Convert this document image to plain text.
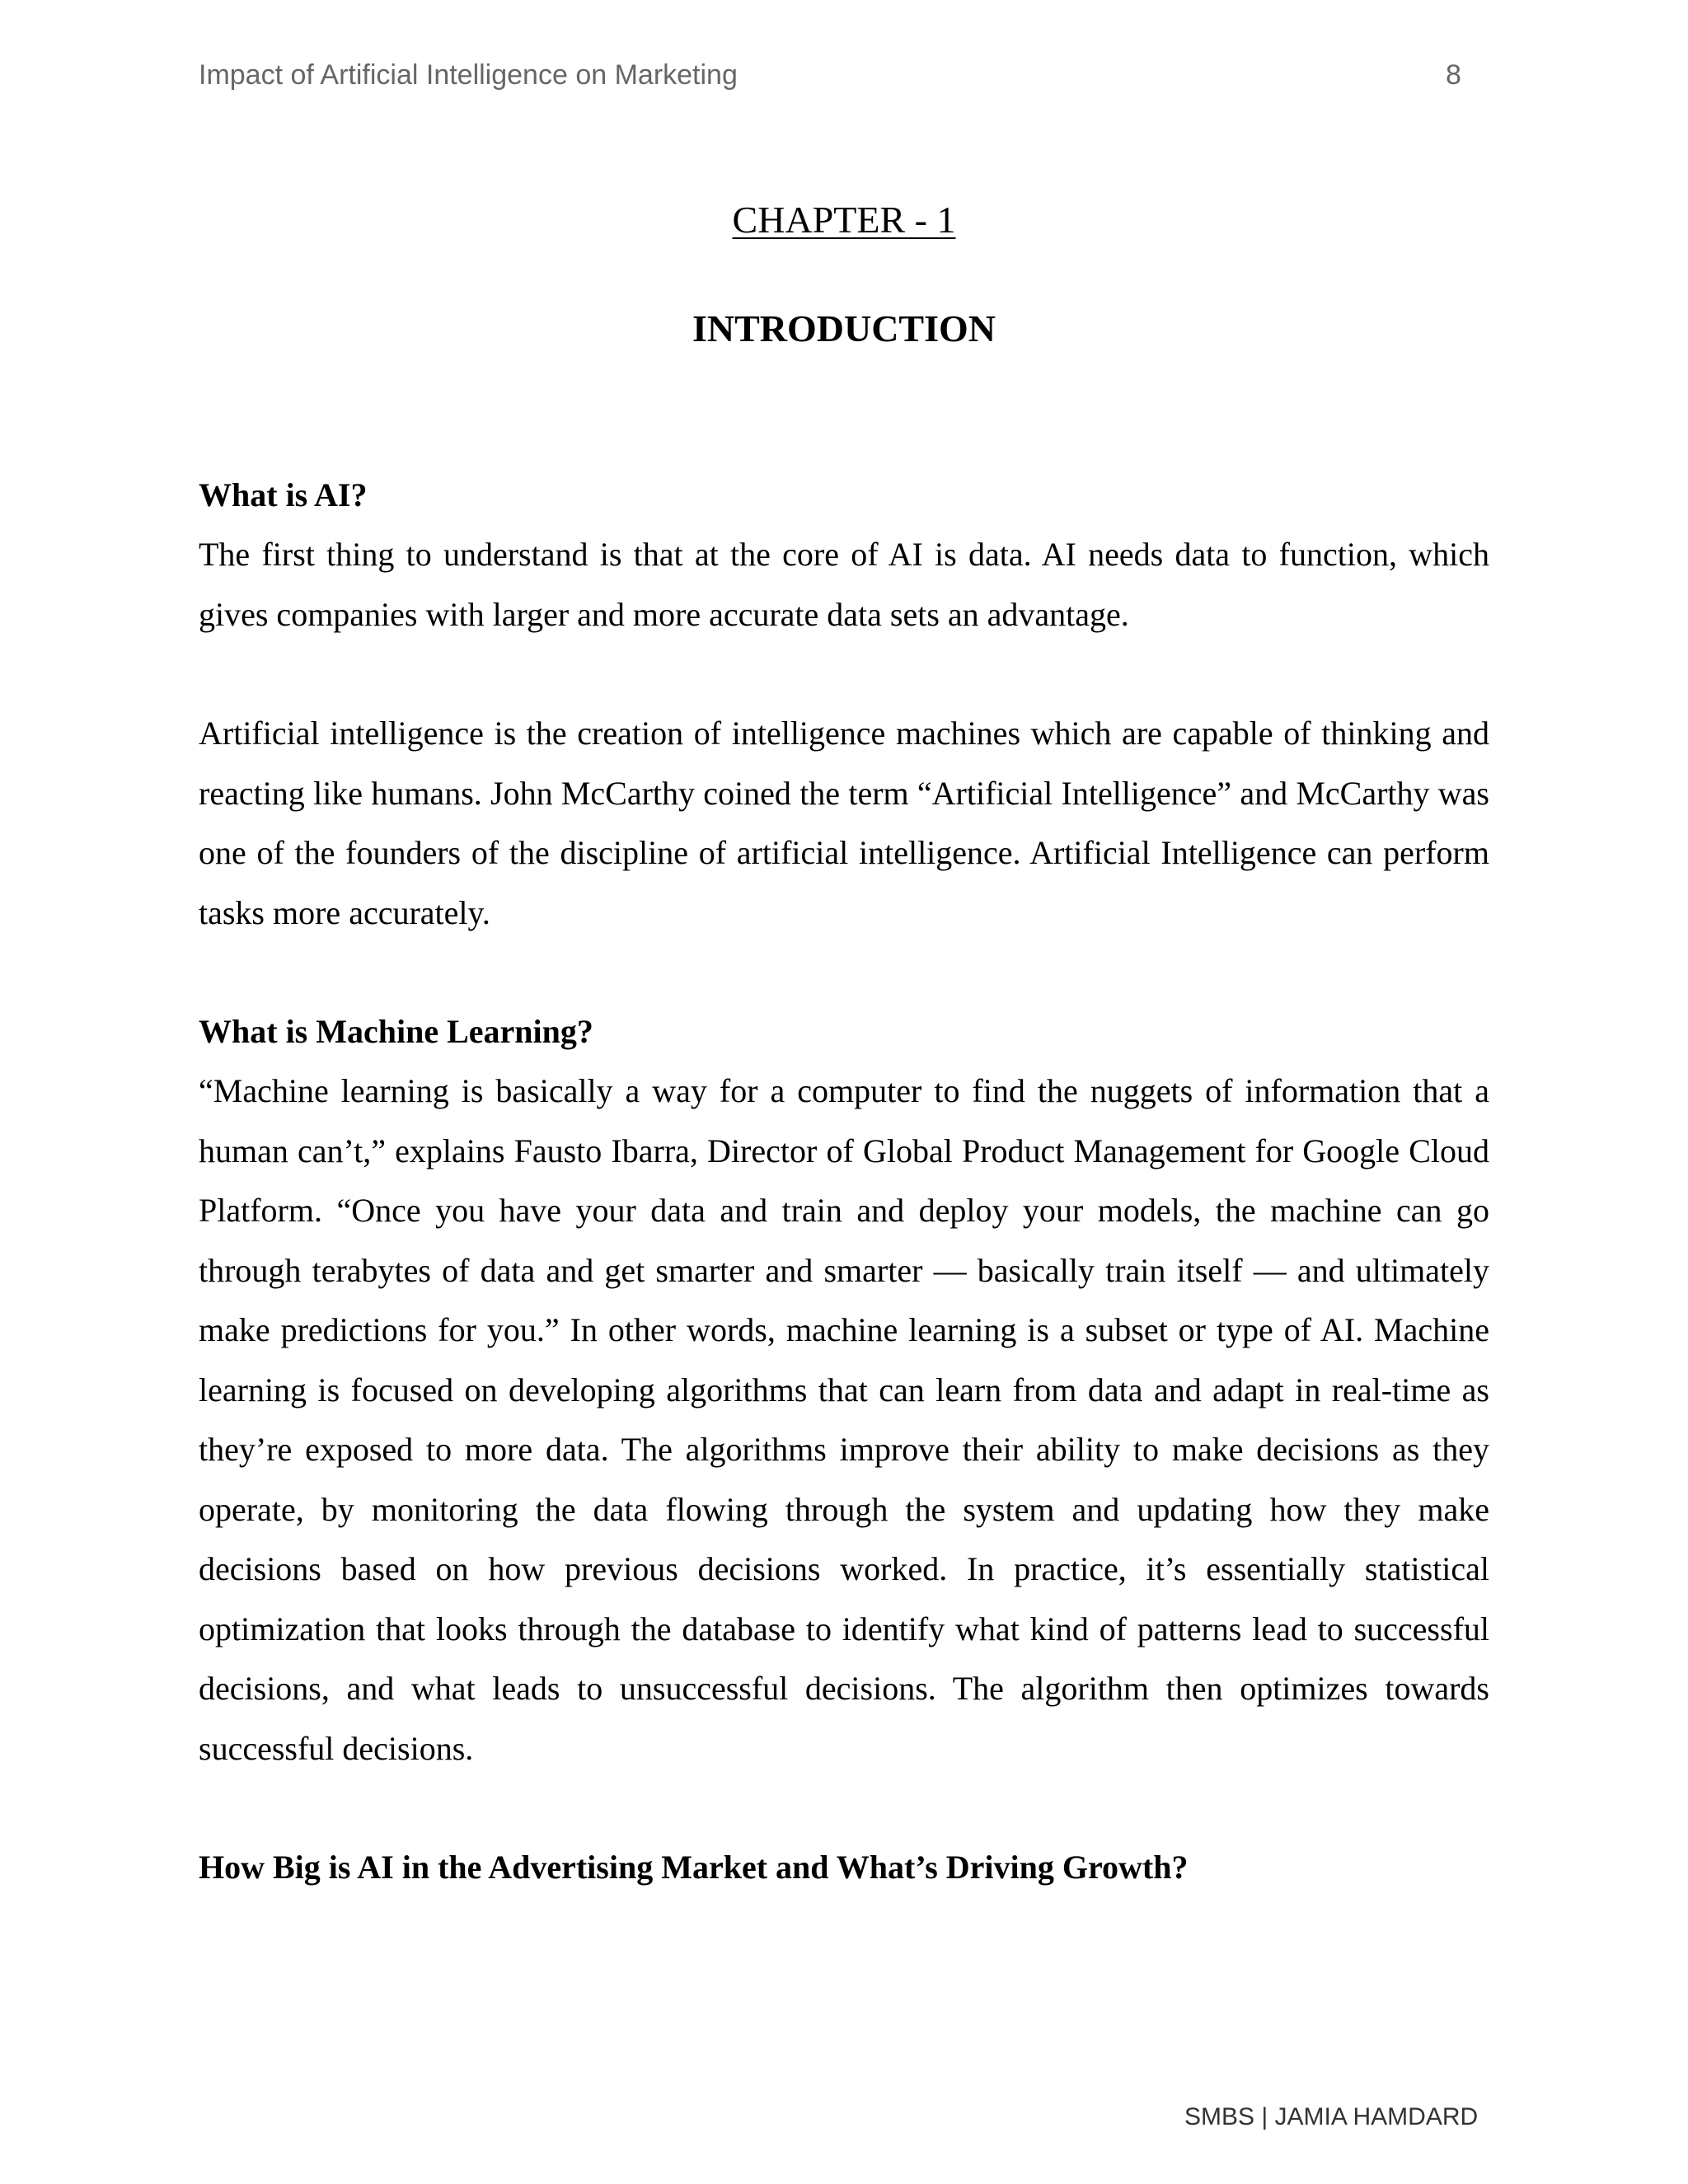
Impact of Artificial Intelligence on Marketing	8
CHAPTER - 1
INTRODUCTION

What is AI?

The first thing to understand is that at the core of AI is data. AI needs data to function, which gives companies with larger and more accurate data sets an advantage.

Artificial intelligence is the creation of intelligence machines which are capable of thinking and reacting like humans. John McCarthy coined the term “Artificial Intelligence” and McCarthy was one of the founders of the discipline of artificial intelligence. Artificial Intelligence can perform tasks more accurately.

What is Machine Learning?

“Machine learning is basically a way for a computer to find the nuggets of information that a human can’t,” explains Fausto Ibarra, Director of Global Product Management for Google Cloud Platform. “Once you have your data and train and deploy your models, the machine can go through terabytes of data and get smarter and smarter — basically train itself — and ultimately make predictions for you.” In other words, machine learning is a subset or type of AI. Machine learning is focused on developing algorithms that can learn from data and adapt in real-time as they’re exposed to more data. The algorithms improve their ability to make decisions as they operate, by monitoring the data flowing through the system and updating how they make decisions based on how previous decisions worked. In practice, it’s essentially statistical optimization that looks through the database to identify what kind of patterns lead to successful decisions, and what leads to unsuccessful decisions. The algorithm then optimizes towards successful decisions.

How Big is AI in the Advertising Market and What’s Driving Growth?

SMBS | JAMIA HAMDARD
